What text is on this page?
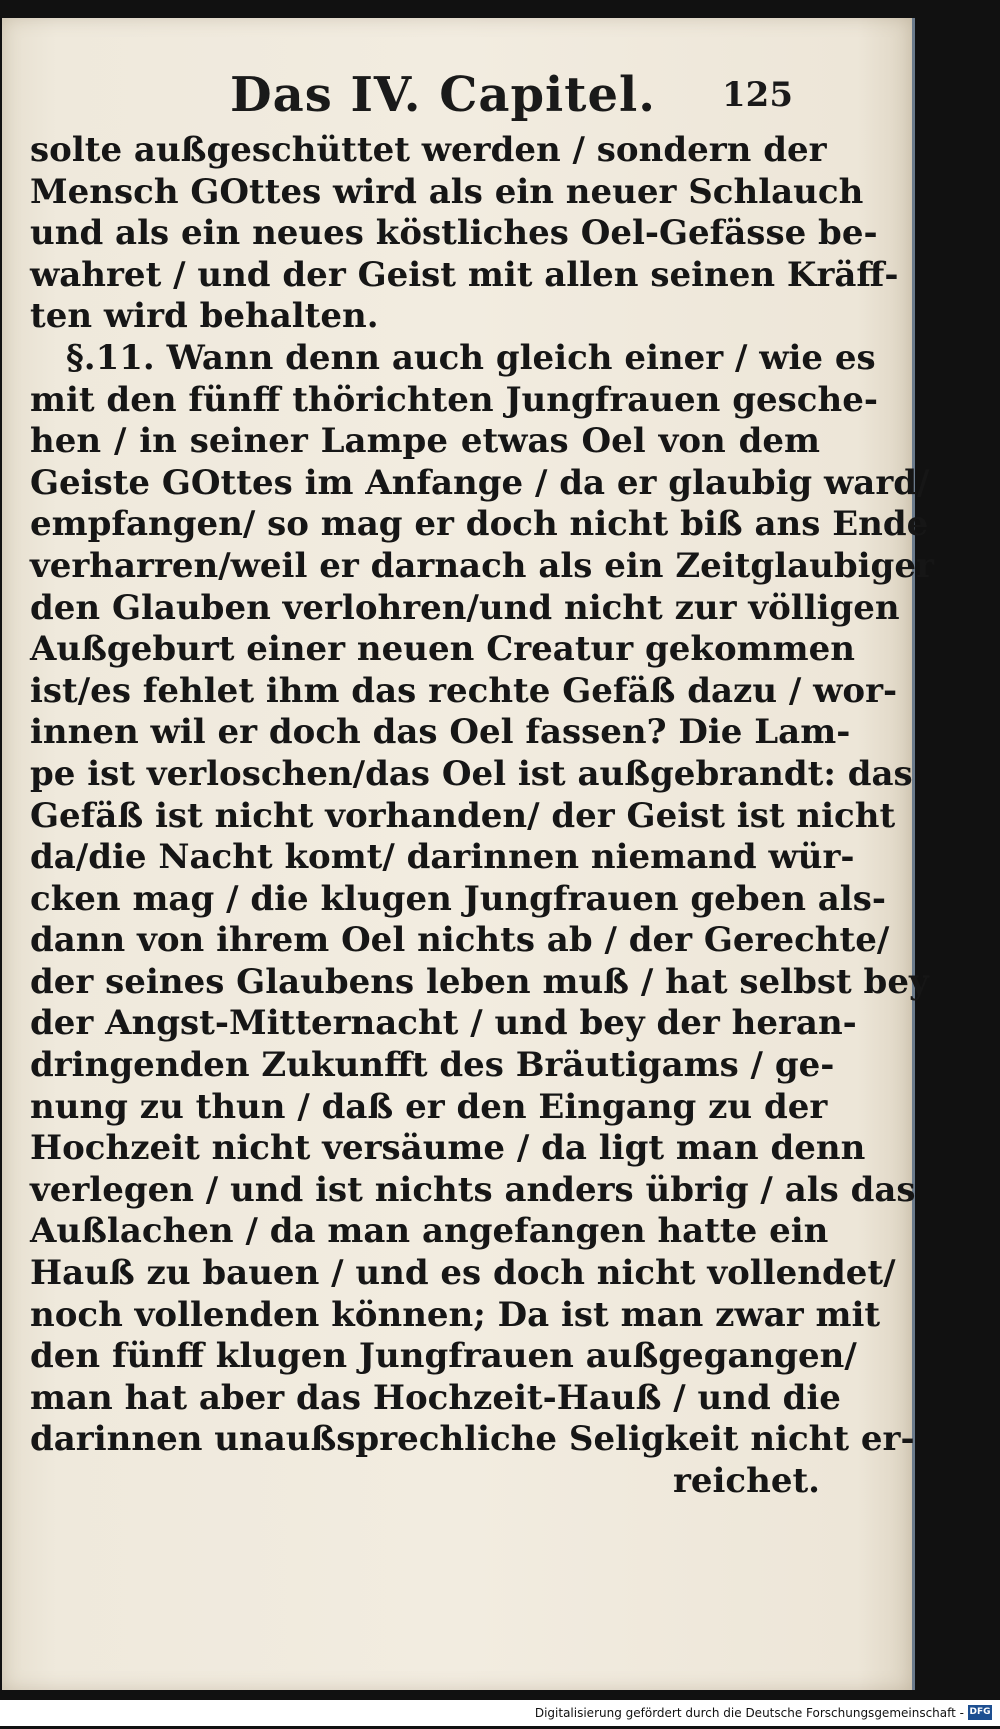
Das IV. Capitel. 125
solte außgeschüttet werden / sondern der
Mensch GOttes wird als ein neuer Schlauch
und als ein neues köstliches Oel-Gefässe be-
wahret / und der Geist mit allen seinen Kräff-
ten wird behalten.
§.11. Wann denn auch gleich einer / wie es
mit den fünff thörichten Jungfrauen gesche-
hen / in seiner Lampe etwas Oel von dem
Geiste GOttes im Anfange / da er glaubig ward/
empfangen/ so mag er doch nicht biß ans Ende
verharren/weil er darnach als ein Zeitglaubiger
den Glauben verlohren/und nicht zur völligen
Außgeburt einer neuen Creatur gekommen
ist/es fehlet ihm das rechte Gefäß dazu / wor-
innen wil er doch das Oel fassen? Die Lam-
pe ist verloschen/das Oel ist außgebrandt: das
Gefäß ist nicht vorhanden/ der Geist ist nicht
da/die Nacht komt/ darinnen niemand wür-
cken mag / die klugen Jungfrauen geben als-
dann von ihrem Oel nichts ab / der Gerechte/
der seines Glaubens leben muß / hat selbst bey
der Angst-Mitternacht / und bey der heran-
dringenden Zukunfft des Bräutigams / ge-
nung zu thun / daß er den Eingang zu der
Hochzeit nicht versäume / da ligt man denn
verlegen / und ist nichts anders übrig / als das
Außlachen / da man angefangen hatte ein
Hauß zu bauen / und es doch nicht vollendet/
noch vollenden können; Da ist man zwar mit
den fünff klugen Jungfrauen außgegangen/
man hat aber das Hochzeit-Hauß / und die
darinnen unaußsprechliche Seligkeit nicht er-
reichet.
Digitalisierung gefördert durch die Deutsche Forschungsgemeinschaft - DFG
